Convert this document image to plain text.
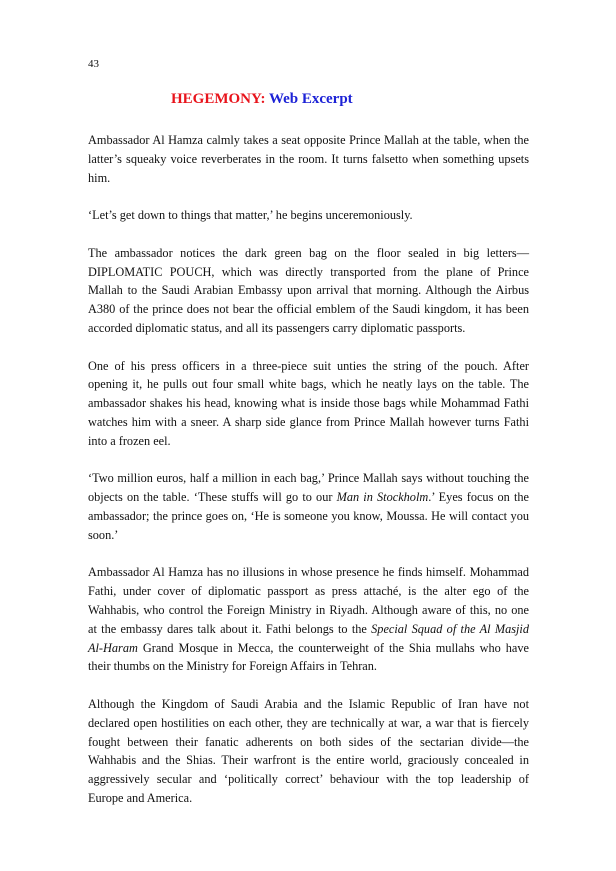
43
HEGEMONY: Web Excerpt

Ambassador Al Hamza calmly takes a seat opposite Prince Mallah at the table, when the
latter’s squeaky voice reverberates in the room. It turns falsetto when something upsets
him.

‘Let’s get down to things that matter,’ he begins unceremoniously.

The ambassador notices the dark green bag on the floor sealed in big letters—
DIPLOMATIC POUCH, which was directly transported from the plane of Prince
Mallah to the Saudi Arabian Embassy upon arrival that morning. Although the Airbus
A380 of the prince does not bear the official emblem of the Saudi kingdom, it has been
accorded diplomatic status, and all its passengers carry diplomatic passports.

One of his press officers in a three-piece suit unties the string of the pouch. After
opening it, he pulls out four small white bags, which he neatly lays on the table. The
ambassador shakes his head, knowing what is inside those bags while Mohammad Fathi
watches him with a sneer. A sharp side glance from Prince Mallah however turns Fathi
into a frozen eel.

‘Two million euros, half a million in each bag,’ Prince Mallah says without touching the
objects on the table. ‘These stuffs will go to our Man in Stockholm.’ Eyes focus on the
ambassador; the prince goes on, ‘He is someone you know, Moussa. He will contact you
soon.’

Ambassador Al Hamza has no illusions in whose presence he finds himself. Mohammad
Fathi, under cover of diplomatic passport as press attaché, is the alter ego of the
Wahhabis, who control the Foreign Ministry in Riyadh. Although aware of this, no one
at the embassy dares talk about it. Fathi belongs to the Special Squad of the Al Masjid
Al-Haram Grand Mosque in Mecca, the counterweight of the Shia mullahs who have
their thumbs on the Ministry for Foreign Affairs in Tehran.

Although the Kingdom of Saudi Arabia and the Islamic Republic of Iran have not
declared open hostilities on each other, they are technically at war, a war that is fiercely
fought between their fanatic adherents on both sides of the sectarian divide—the
Wahhabis and the Shias. Their warfront is the entire world, graciously concealed in
aggressively secular and ‘politically correct’ behaviour with the top leadership of
Europe and America.
